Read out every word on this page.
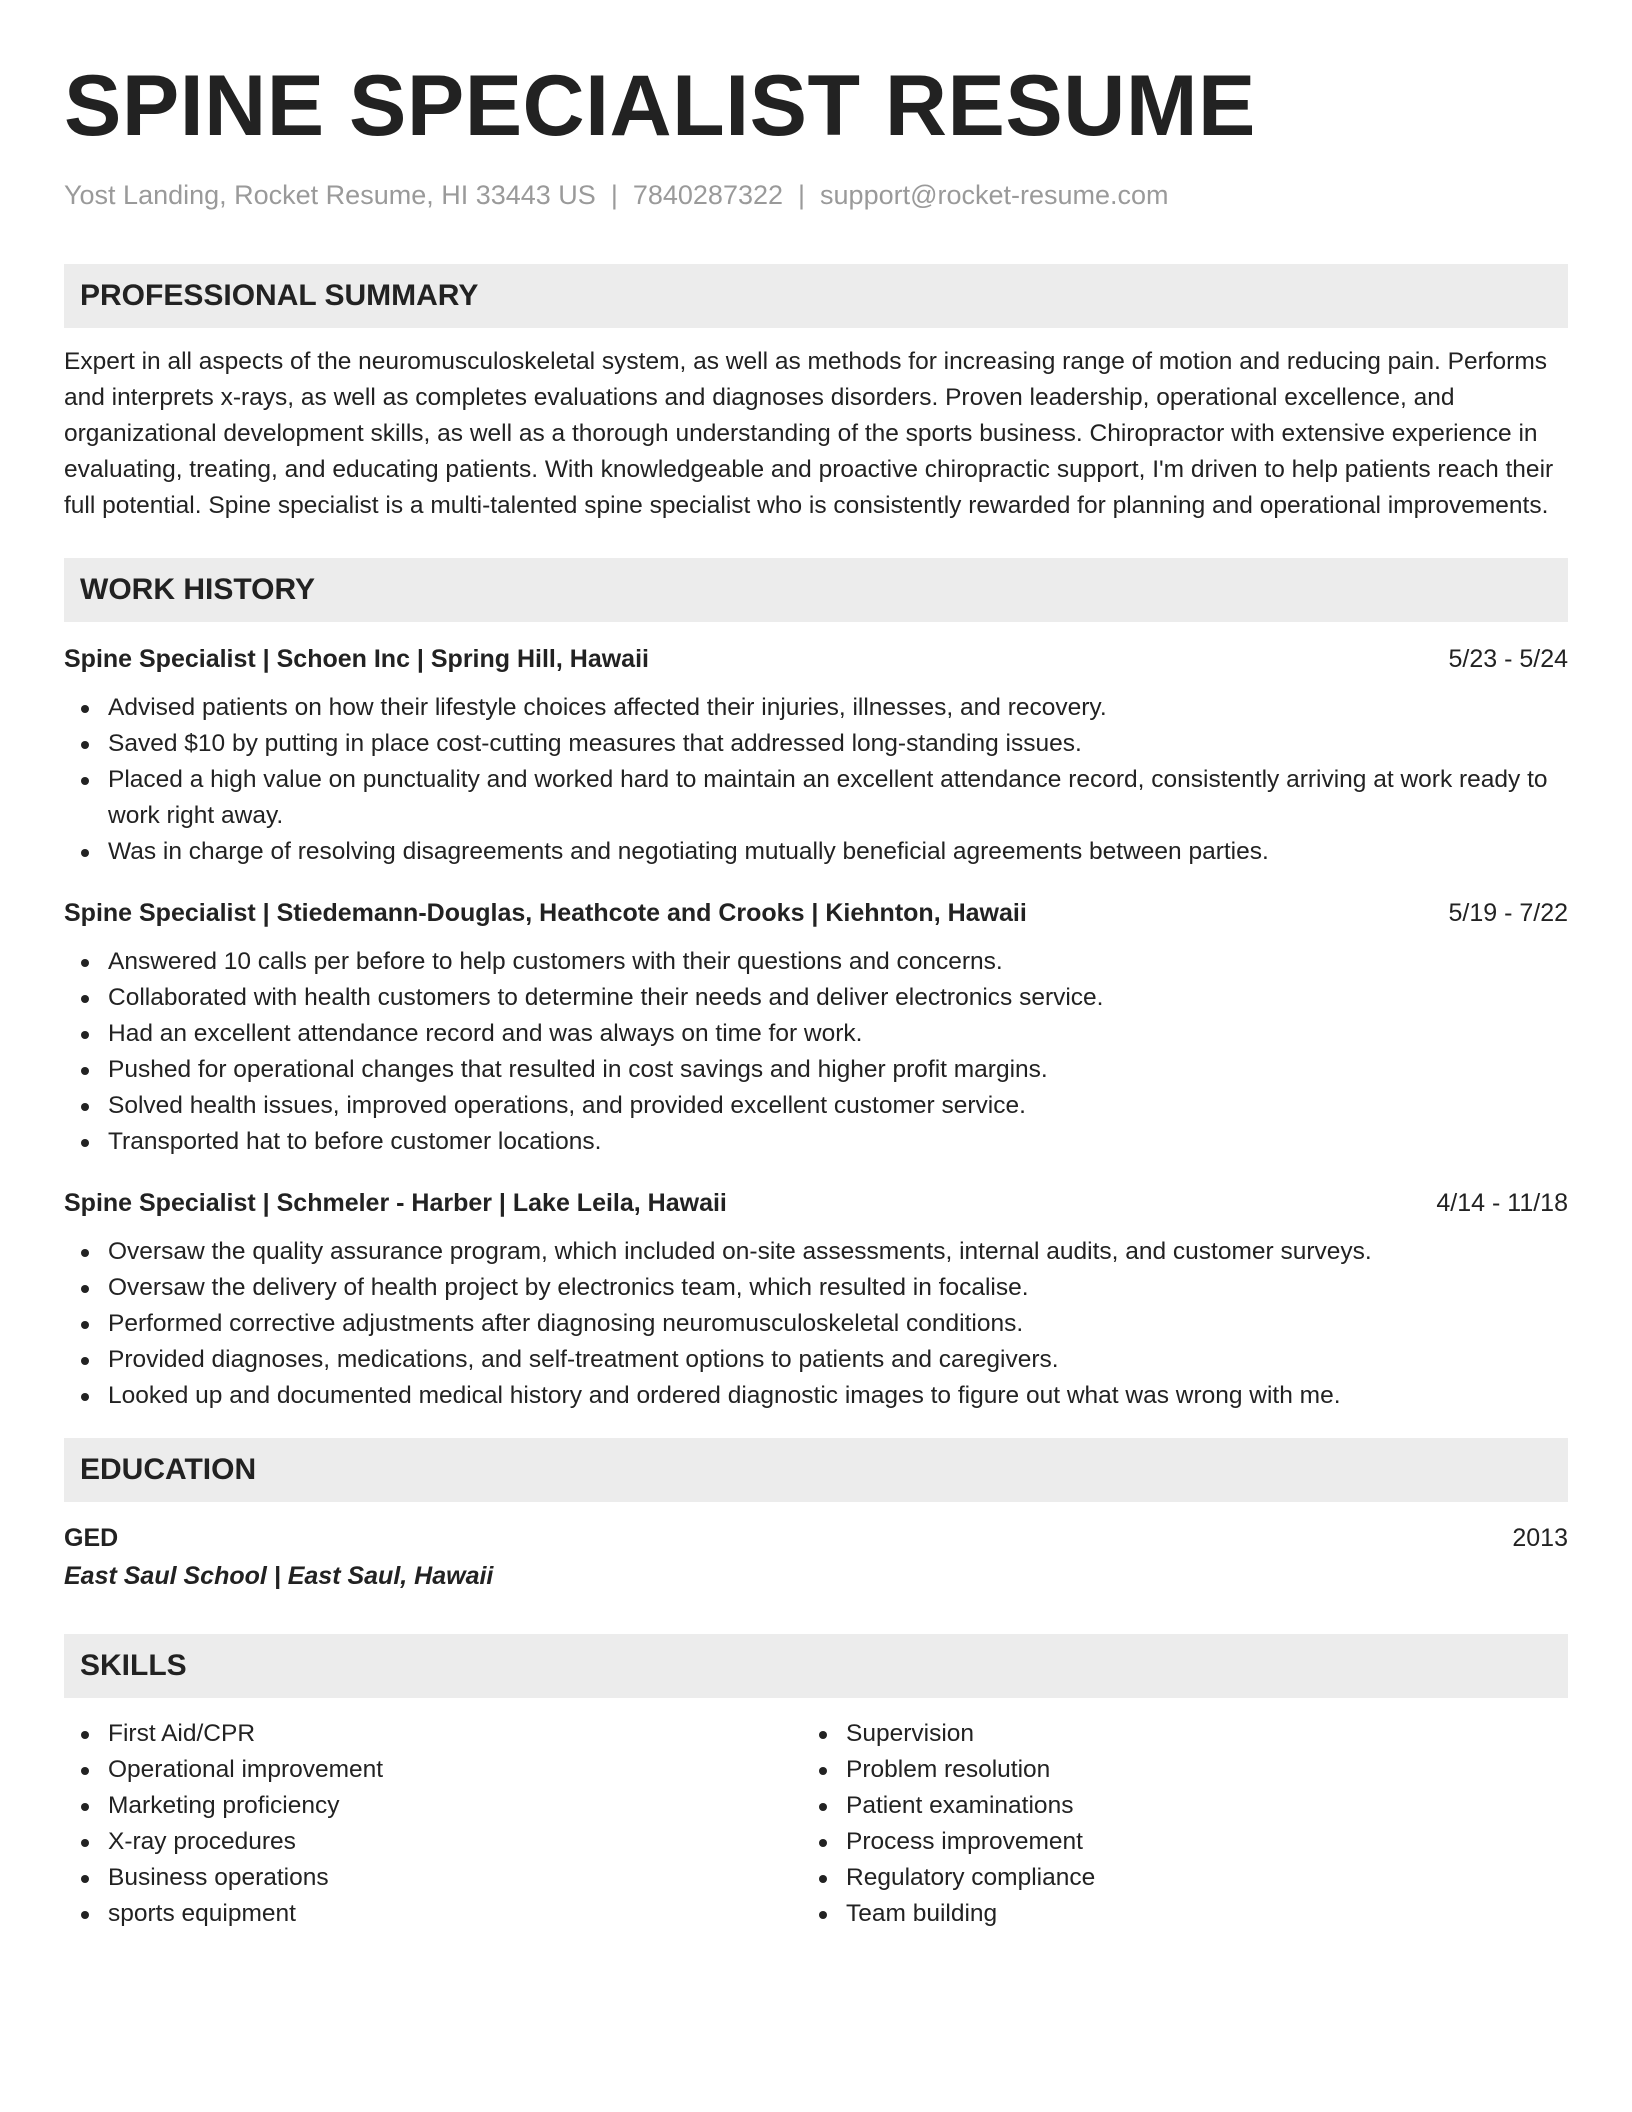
SPINE SPECIALIST RESUME
Yost Landing, Rocket Resume, HI 33443 US | 7840287322 | support@rocket-resume.com
PROFESSIONAL SUMMARY
Expert in all aspects of the neuromusculoskeletal system, as well as methods for increasing range of motion and reducing pain. Performs and interprets x-rays, as well as completes evaluations and diagnoses disorders. Proven leadership, operational excellence, and organizational development skills, as well as a thorough understanding of the sports business. Chiropractor with extensive experience in evaluating, treating, and educating patients. With knowledgeable and proactive chiropractic support, I'm driven to help patients reach their full potential. Spine specialist is a multi-talented spine specialist who is consistently rewarded for planning and operational improvements.
WORK HISTORY
Spine Specialist | Schoen Inc | Spring Hill, Hawaii	5/23 - 5/24
Advised patients on how their lifestyle choices affected their injuries, illnesses, and recovery.
Saved $10 by putting in place cost-cutting measures that addressed long-standing issues.
Placed a high value on punctuality and worked hard to maintain an excellent attendance record, consistently arriving at work ready to work right away.
Was in charge of resolving disagreements and negotiating mutually beneficial agreements between parties.
Spine Specialist | Stiedemann-Douglas, Heathcote and Crooks | Kiehnton, Hawaii	5/19 - 7/22
Answered 10 calls per before to help customers with their questions and concerns.
Collaborated with health customers to determine their needs and deliver electronics service.
Had an excellent attendance record and was always on time for work.
Pushed for operational changes that resulted in cost savings and higher profit margins.
Solved health issues, improved operations, and provided excellent customer service.
Transported hat to before customer locations.
Spine Specialist | Schmeler - Harber | Lake Leila, Hawaii	4/14 - 11/18
Oversaw the quality assurance program, which included on-site assessments, internal audits, and customer surveys.
Oversaw the delivery of health project by electronics team, which resulted in focalise.
Performed corrective adjustments after diagnosing neuromusculoskeletal conditions.
Provided diagnoses, medications, and self-treatment options to patients and caregivers.
Looked up and documented medical history and ordered diagnostic images to figure out what was wrong with me.
EDUCATION
GED	2013
East Saul School | East Saul, Hawaii
SKILLS
First Aid/CPR
Operational improvement
Marketing proficiency
X-ray procedures
Business operations
sports equipment
Supervision
Problem resolution
Patient examinations
Process improvement
Regulatory compliance
Team building
